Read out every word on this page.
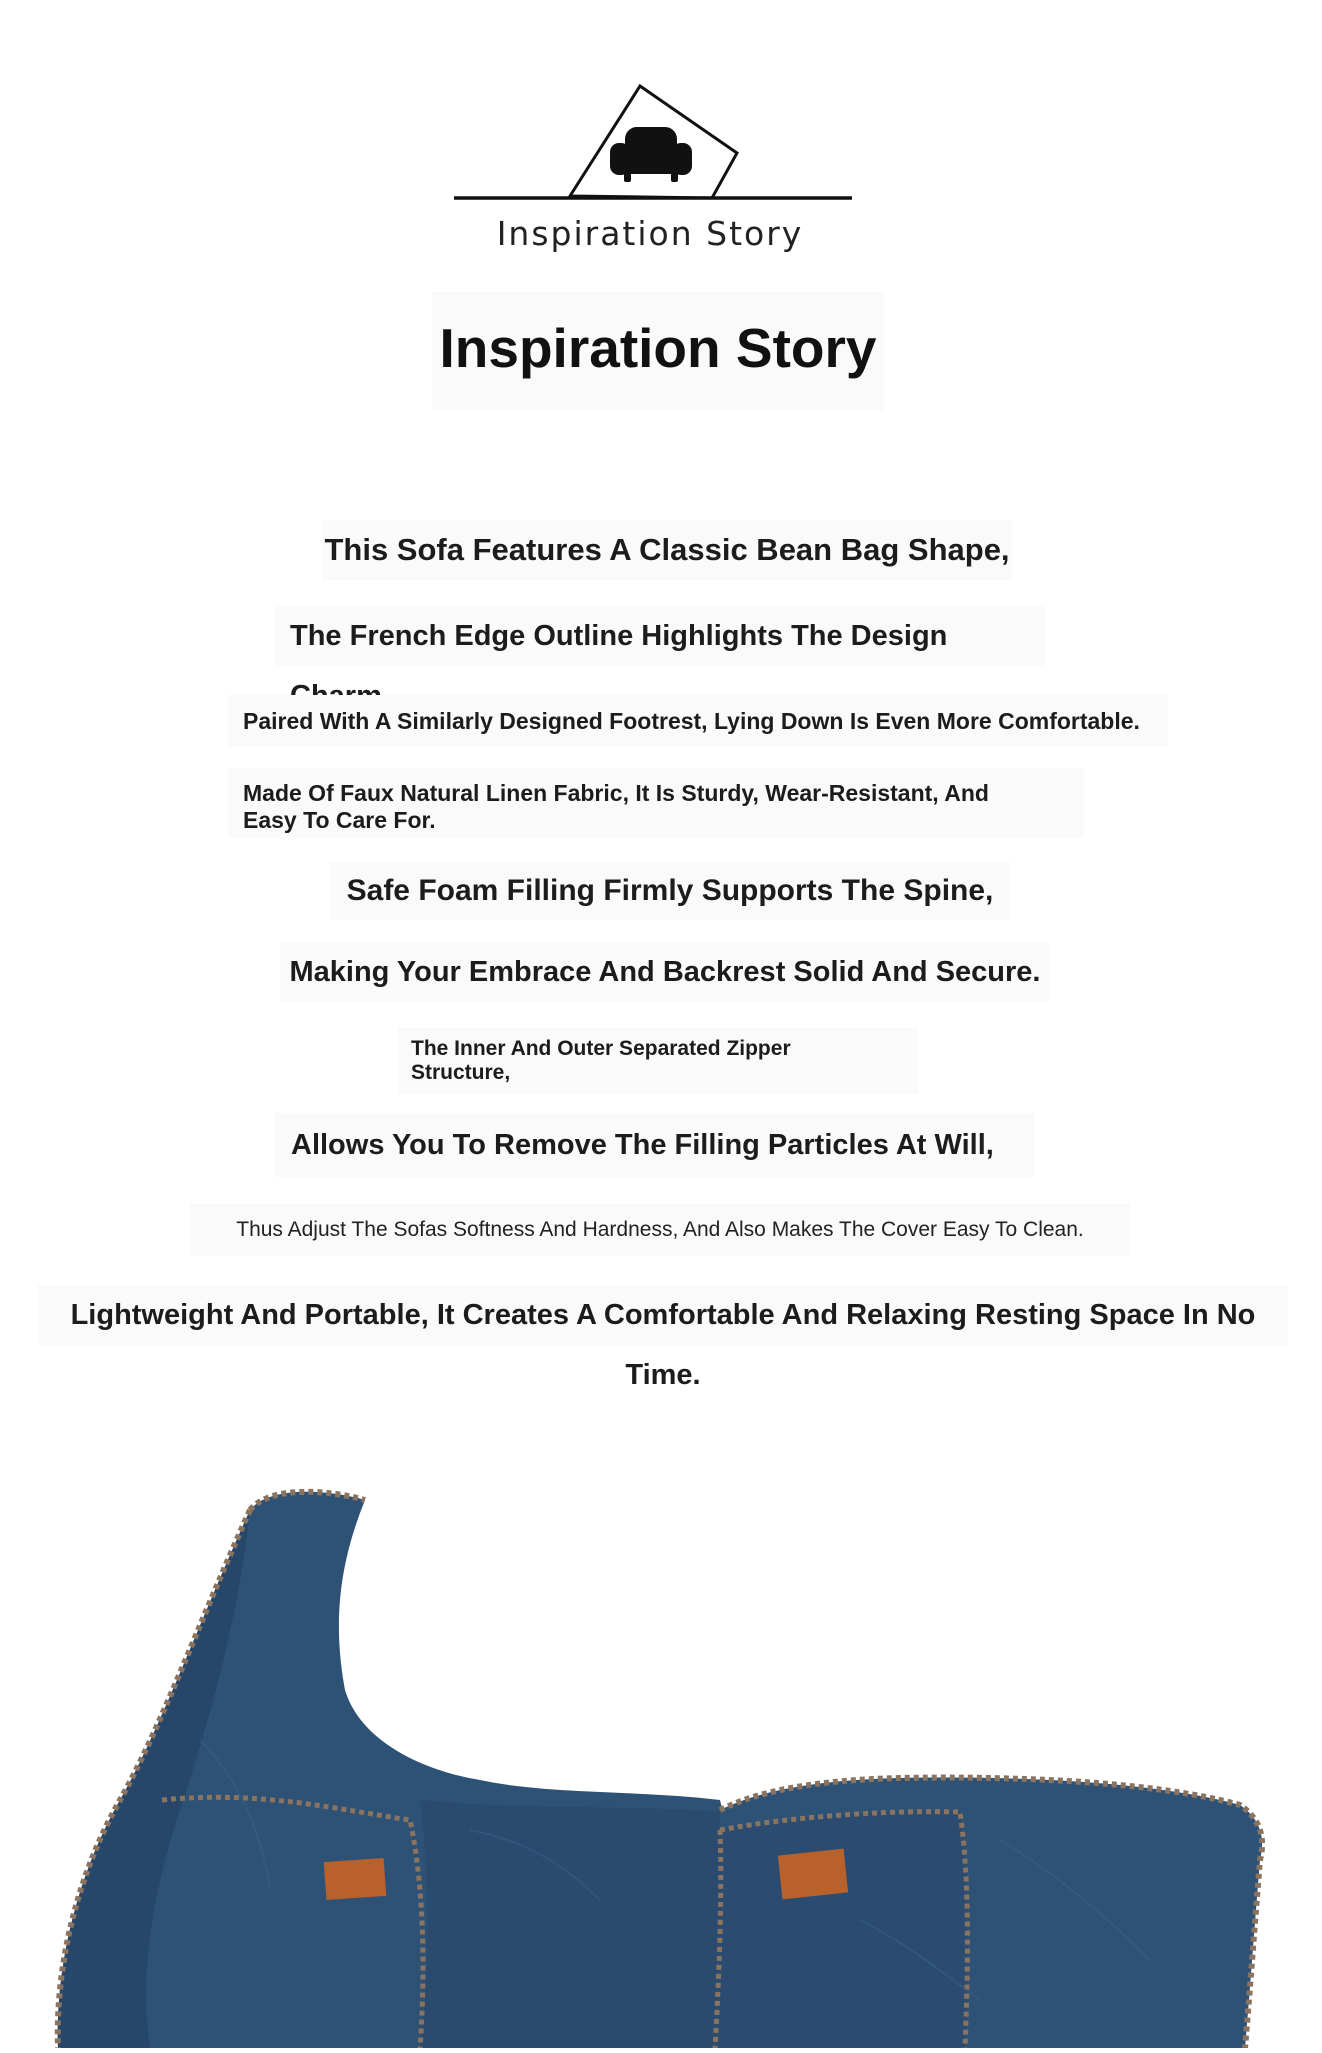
Inspiration Story
Inspiration Story
This Sofa Features A Classic Bean Bag Shape,
The French Edge Outline Highlights The Design
Paired With A Similarly Designed Footrest, Lying Down Is Even More Comfortable.
Made Of Faux Natural Linen Fabric, It Is Sturdy, Wear-Resistant, And
Easy To Care For.
Safe Foam Filling Firmly Supports The Spine,
Making Your Embrace And Backrest Solid And Secure.
The Inner And Outer Separated Zipper
Structure,
Allows You To Remove The Filling Particles At Will,
Thus Adjust The Sofas Softness And Hardness, And Also Makes The Cover Easy To Clean.
Lightweight And Portable, It Creates A Comfortable And Relaxing Resting Space In No Time.
